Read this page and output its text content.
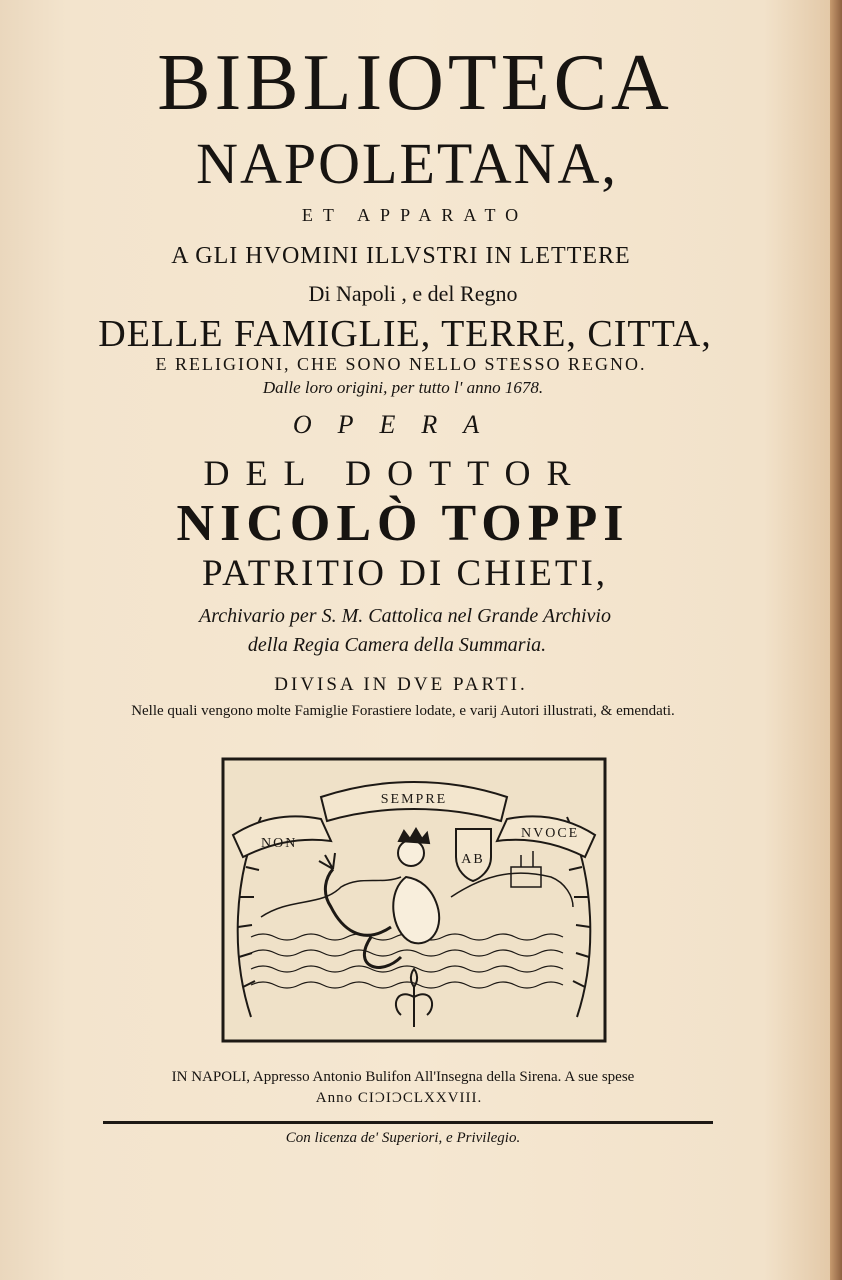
BIBLIOTECA

NAPOLETANA,

ET APPARATO

A GLI HVOMINI ILLVSTRI IN LETTERE

Di Napoli , e del Regno

DELLE FAMIGLIE, TERRE, CITTA,

E RELIGIONI, CHE SONO NELLO STESSO REGNO.

Dalle loro origini, per tutto l' anno 1678.

OPERA

DEL DOTTOR

NICOLÒ TOPPI

PATRITIO DI CHIETI,

Archivario per S. M. Cattolica nel Grande Archivio

della Regia Camera della Summaria.

DIVISA IN DVE PARTI.

Nelle quali vengono molte Famiglie Forastiere lodate, e varij Autori illustrati, & emendati.

AB
NON
SEMPRE
NVOCE

IN NAPOLI, Appresso Antonio Bulifon All'Insegna della Sirena. A sue spese

Anno CIƆIƆCLXXVIII.

Con licenza de' Superiori, e Privilegio.
